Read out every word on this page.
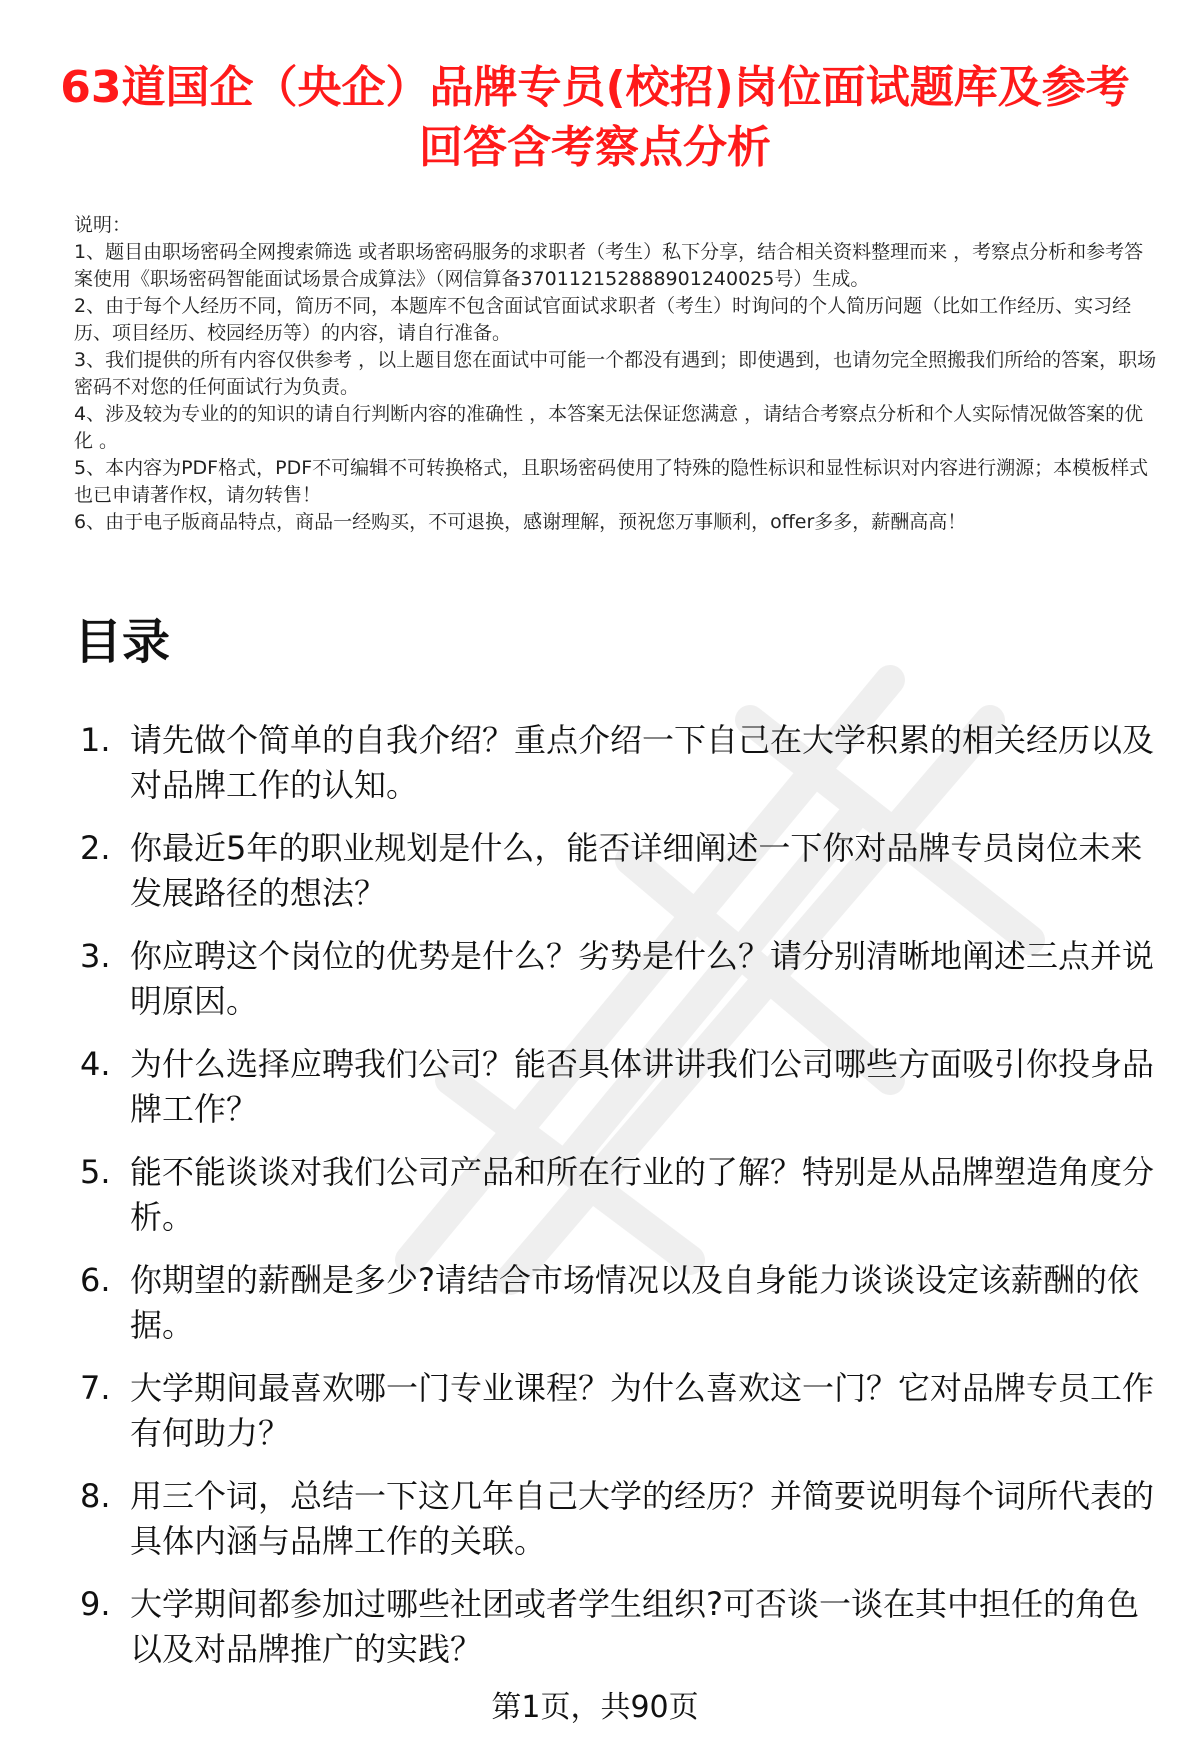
63道国企（央企）品牌专员(校招)岗位面试题库及参考回答含考察点分析
说明：
1、题目由职场密码全网搜索筛选 或者职场密码服务的求职者（考生）私下分享，结合相关资料整理而来 ，考察点分析和参考答案使用《职场密码智能面试场景合成算法》（网信算备370112152888901240025号）生成。
2、由于每个人经历不同，简历不同，本题库不包含面试官面试求职者（考生）时询问的个人简历问题（比如工作经历、实习经历、项目经历、校园经历等）的内容，请自行准备。
3、我们提供的所有内容仅供参考 ，以上题目您在面试中可能一个都没有遇到；即使遇到，也请勿完全照搬我们所给的答案，职场密码不对您的任何面试行为负责。
4、涉及较为专业的的知识的请自行判断内容的准确性 ，本答案无法保证您满意 ，请结合考察点分析和个人实际情况做答案的优化 。
5、本内容为PDF格式，PDF不可编辑不可转换格式，且职场密码使用了特殊的隐性标识和显性标识对内容进行溯源；本模板样式也已申请著作权，请勿转售！
6、由于电子版商品特点，商品一经购买，不可退换，感谢理解，预祝您万事顺利，offer多多，薪酬高高！
目录
1. 请先做个简单的自我介绍？重点介绍一下自己在大学积累的相关经历以及对品牌工作的认知。
2. 你最近5年的职业规划是什么，能否详细阐述一下你对品牌专员岗位未来发展路径的想法？
3. 你应聘这个岗位的优势是什么？劣势是什么？请分别清晰地阐述三点并说明原因。
4. 为什么选择应聘我们公司？能否具体讲讲我们公司哪些方面吸引你投身品牌工作？
5. 能不能谈谈对我们公司产品和所在行业的了解？特别是从品牌塑造角度分析。
6. 你期望的薪酬是多少?请结合市场情况以及自身能力谈谈设定该薪酬的依据。
7. 大学期间最喜欢哪一门专业课程？为什么喜欢这一门？它对品牌专员工作有何助力？
8. 用三个词，总结一下这几年自己大学的经历？并简要说明每个词所代表的具体内涵与品牌工作的关联。
9. 大学期间都参加过哪些社团或者学生组织?可否谈一谈在其中担任的角色以及对品牌推广的实践？
第1页，共90页
